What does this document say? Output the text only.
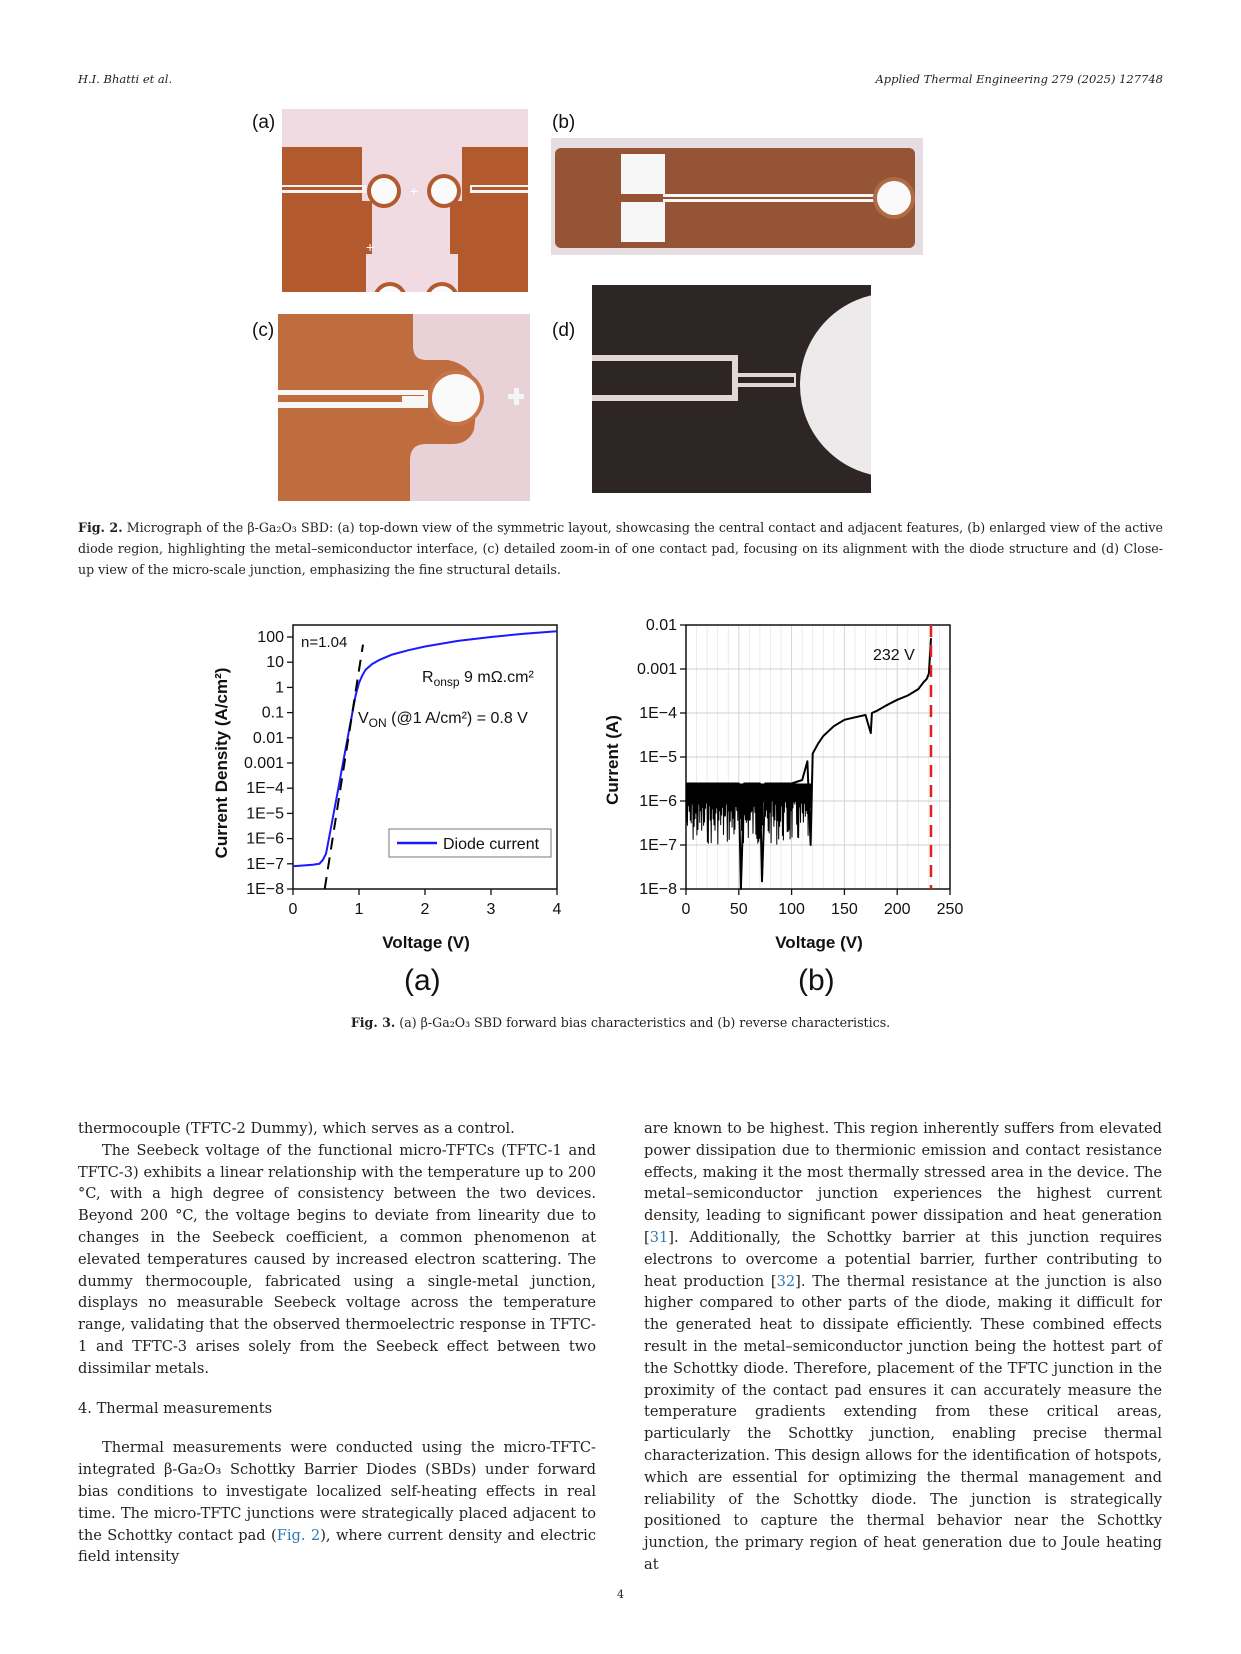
H.I. Bhatti et al.	Applied Thermal Engineering 279 (2025) 127748
+
+
(a)	(b)
(c)	(d)
Fig. 2. Micrograph of the β-Ga₂O₃ SBD: (a) top-down view of the symmetric layout, showcasing the central contact and adjacent features, (b) enlarged view of the active diode region, highlighting the metal–semiconductor interface, (c) detailed zoom-in of one contact pad, focusing on its alignment with the diode structure and (d) Close-up view of the micro-scale junction, emphasizing the fine structural details.
0	1	2	3	4
100
10
1
0.1
0.01
0.001
1E−4
1E−5
1E−6
1E−7
1E−8
Voltage (V)
Current Density (A/cm²)
n=1.04
$R_{onsp}$ 9 mΩ.cm²
$V_{ON}$ (@1 A/cm²) = 0.8 V
Diode current
(a)
0 50 100 150 200 250
0.01
0.001
1E−4
1E−5
1E−6
1E−7
1E−8
Voltage (V)
Current (A)
232 V
(b)
Fig. 3. (a) β-Ga₂O₃ SBD forward bias characteristics and (b) reverse characteristics.

thermocouple (TFTC-2 Dummy), which serves as a control.

The Seebeck voltage of the functional micro-TFTCs (TFTC-1 and TFTC-3) exhibits a linear relationship with the temperature up to 200 °C, with a high degree of consistency between the two devices. Beyond 200 °C, the voltage begins to deviate from linearity due to changes in the Seebeck coefficient, a common phenomenon at elevated temperatures caused by increased electron scattering. The dummy thermocouple, fabricated using a single-metal junction, displays no measurable Seebeck voltage across the temperature range, validating that the observed thermoelectric response in TFTC-1 and TFTC-3 arises solely from the Seebeck effect between two dissimilar metals.

4. Thermal measurements

Thermal measurements were conducted using the micro-TFTC-integrated β-Ga₂O₃ Schottky Barrier Diodes (SBDs) under forward bias conditions to investigate localized self-heating effects in real time. The micro-TFTC junctions were strategically placed adjacent to the Schottky contact pad (Fig. 2), where current density and electric field intensity

are known to be highest. This region inherently suffers from elevated power dissipation due to thermionic emission and contact resistance effects, making it the most thermally stressed area in the device. The metal–semiconductor junction experiences the highest current density, leading to significant power dissipation and heat generation [31]. Additionally, the Schottky barrier at this junction requires electrons to overcome a potential barrier, further contributing to heat production [32]. The thermal resistance at the junction is also higher compared to other parts of the diode, making it difficult for the generated heat to dissipate efficiently. These combined effects result in the metal–semiconductor junction being the hottest part of the Schottky diode. Therefore, placement of the TFTC junction in the proximity of the contact pad ensures it can accurately measure the temperature gradients extending from these critical areas, particularly the Schottky junction, enabling precise thermal characterization. This design allows for the identification of hotspots, which are essential for optimizing the thermal management and reliability of the Schottky diode. The junction is strategically positioned to capture the thermal behavior near the Schottky junction, the primary region of heat generation due to Joule heating at

4
